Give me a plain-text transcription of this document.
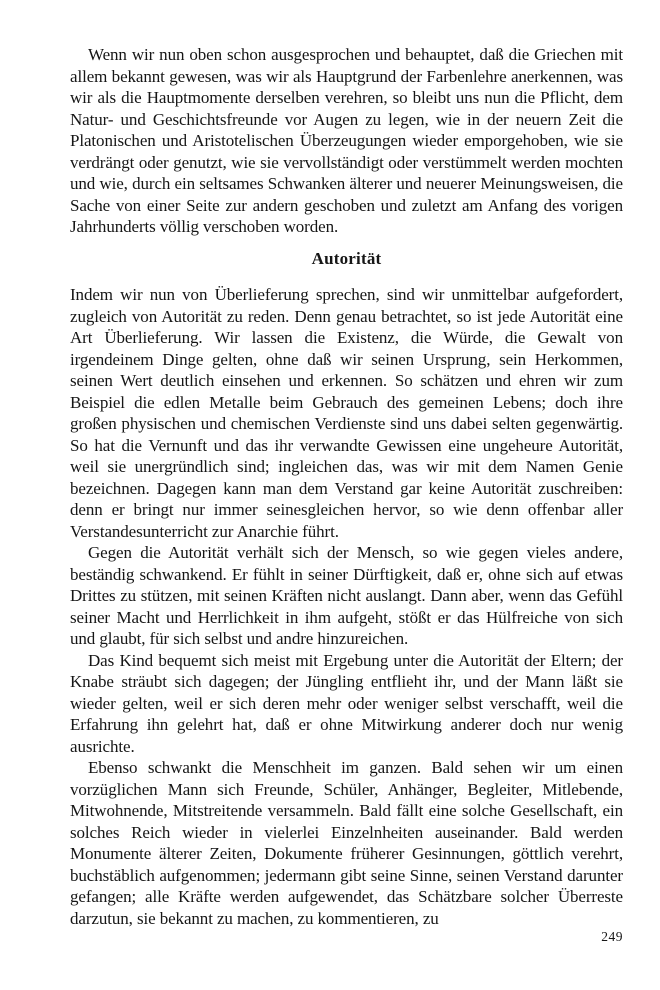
Wenn wir nun oben schon ausgesprochen und behauptet, daß die Griechen mit allem bekannt gewesen, was wir als Hauptgrund der Farbenlehre anerkennen, was wir als die Hauptmomente derselben verehren, so bleibt uns nun die Pflicht, dem Natur- und Geschichtsfreunde vor Augen zu legen, wie in der neuern Zeit die Platonischen und Aristotelischen Überzeugungen wieder emporgehoben, wie sie verdrängt oder genutzt, wie sie vervollständigt oder verstümmelt werden mochten und wie, durch ein seltsames Schwanken älterer und neuerer Meinungsweisen, die Sache von einer Seite zur andern geschoben und zuletzt am Anfang des vorigen Jahrhunderts völlig verschoben worden.

Autorität

Indem wir nun von Überlieferung sprechen, sind wir unmittelbar aufgefordert, zugleich von Autorität zu reden. Denn genau betrachtet, so ist jede Autorität eine Art Überlieferung. Wir lassen die Existenz, die Würde, die Gewalt von irgendeinem Dinge gelten, ohne daß wir seinen Ursprung, sein Herkommen, seinen Wert deutlich einsehen und erkennen. So schätzen und ehren wir zum Beispiel die edlen Metalle beim Gebrauch des gemeinen Lebens; doch ihre großen physischen und chemischen Verdienste sind uns dabei selten gegenwärtig. So hat die Vernunft und das ihr verwandte Gewissen eine ungeheure Autorität, weil sie unergründlich sind; ingleichen das, was wir mit dem Namen Genie bezeichnen. Dagegen kann man dem Verstand gar keine Autorität zuschreiben: denn er bringt nur immer seinesgleichen hervor, so wie denn offenbar aller Verstandesunterricht zur Anarchie führt.

Gegen die Autorität verhält sich der Mensch, so wie gegen vieles andere, beständig schwankend. Er fühlt in seiner Dürftigkeit, daß er, ohne sich auf etwas Drittes zu stützen, mit seinen Kräften nicht auslangt. Dann aber, wenn das Gefühl seiner Macht und Herrlichkeit in ihm aufgeht, stößt er das Hülfreiche von sich und glaubt, für sich selbst und andre hinzureichen.

Das Kind bequemt sich meist mit Ergebung unter die Autorität der Eltern; der Knabe sträubt sich dagegen; der Jüngling entflieht ihr, und der Mann läßt sie wieder gelten, weil er sich deren mehr oder weniger selbst verschafft, weil die Erfahrung ihn gelehrt hat, daß er ohne Mitwirkung anderer doch nur wenig ausrichte.

Ebenso schwankt die Menschheit im ganzen. Bald sehen wir um einen vorzüglichen Mann sich Freunde, Schüler, Anhänger, Begleiter, Mitlebende, Mitwohnende, Mitstreitende versammeln. Bald fällt eine solche Gesellschaft, ein solches Reich wieder in vielerlei Einzelnheiten auseinander. Bald werden Monumente älterer Zeiten, Dokumente früherer Gesinnungen, göttlich verehrt, buchstäblich aufgenommen; jedermann gibt seine Sinne, seinen Verstand darunter gefangen; alle Kräfte werden aufgewendet, das Schätzbare solcher Überreste darzutun, sie bekannt zu machen, zu kommentieren, zu

249
